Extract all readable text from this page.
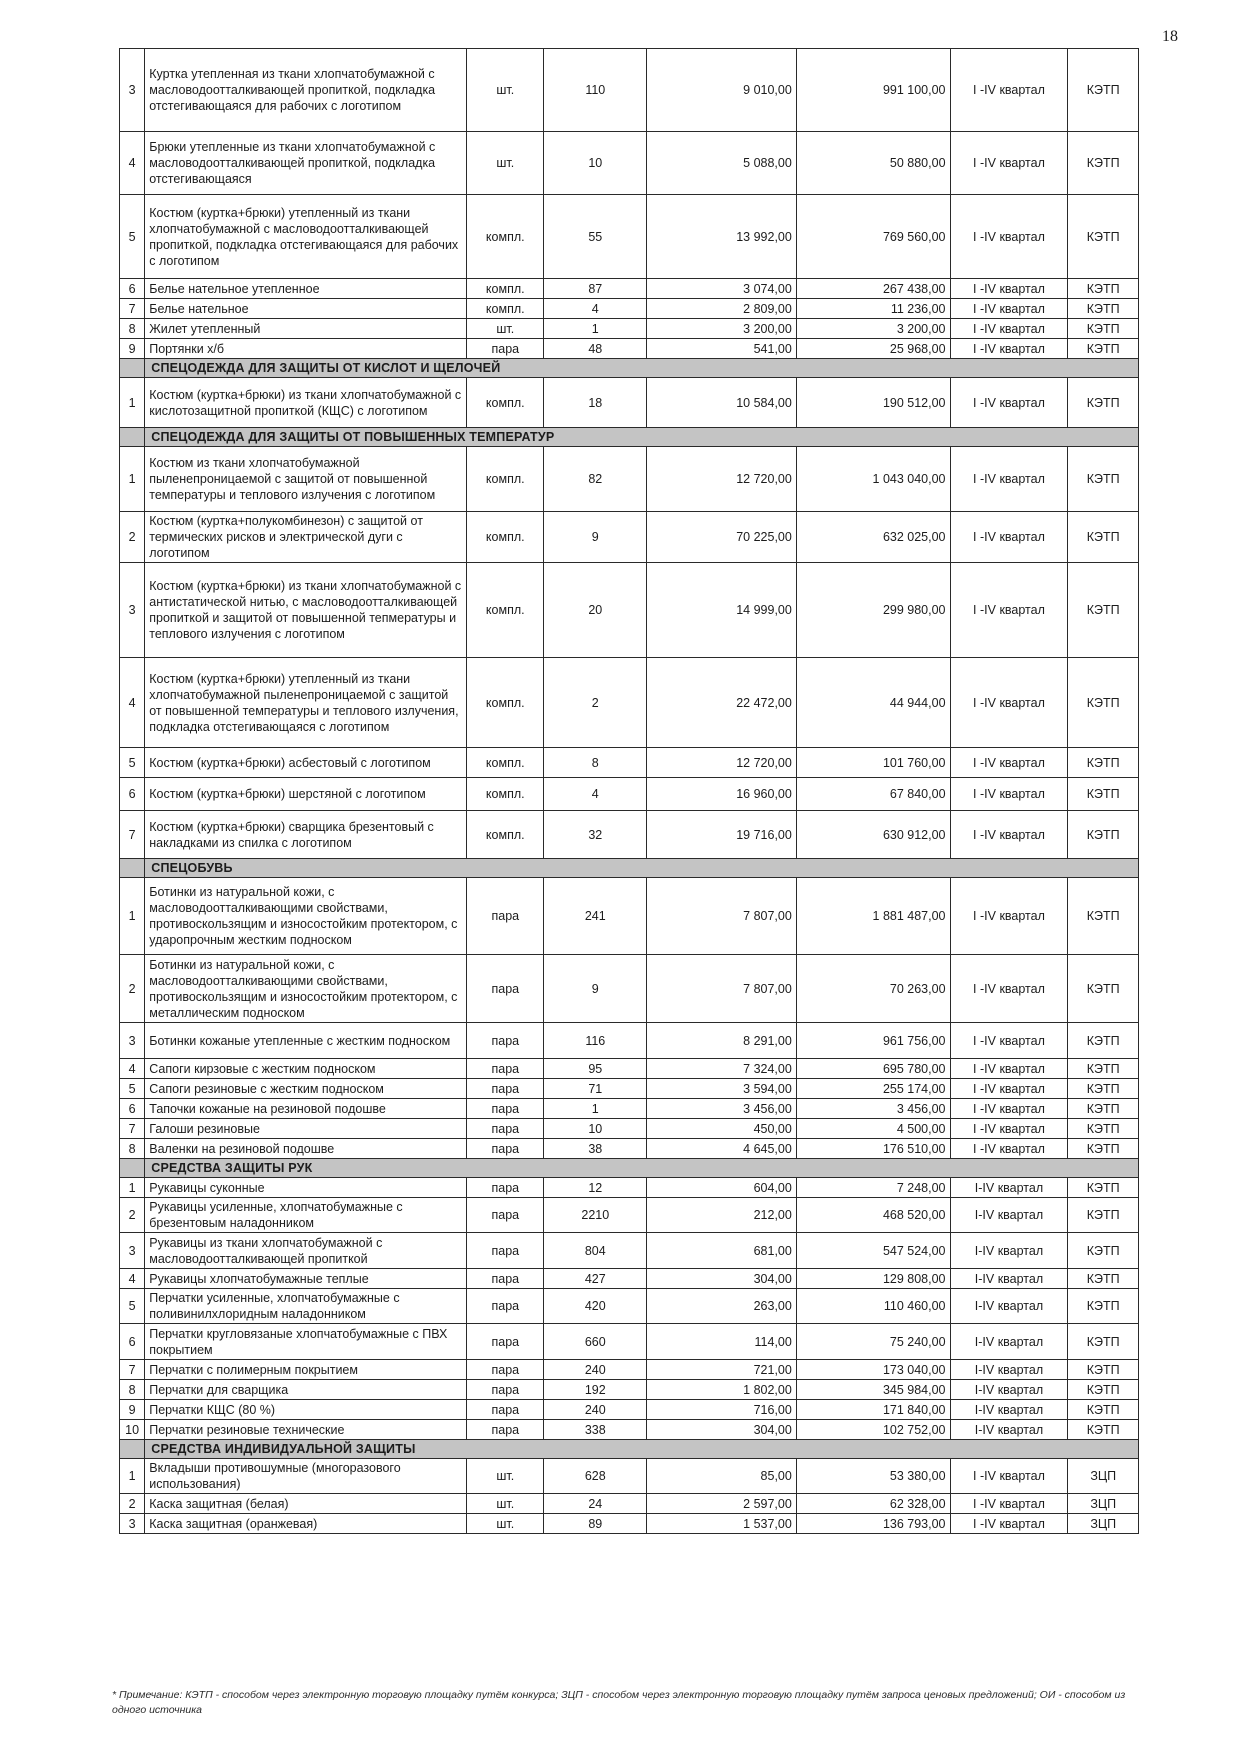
18
3	Куртка утепленная из ткани хлопчатобумажной с масловодоотталкивающей пропиткой, подкладка отстегивающаяся для рабочих с логотипом	шт.	110	9 010,00	991 100,00	I -IV квартал	КЭТП
4	Брюки утепленные из ткани хлопчатобумажной с масловодоотталкивающей пропиткой, подкладка отстегивающаяся	шт.	10	5 088,00	50 880,00	I -IV квартал	КЭТП
5	Костюм (куртка+брюки) утепленный из ткани хлопчатобумажной с масловодоотталкивающей пропиткой, подкладка отстегивающаяся для рабочих с логотипом	компл.	55	13 992,00	769 560,00	I -IV квартал	КЭТП
6	Белье нательное утепленное	компл.	87	3 074,00	267 438,00	I -IV квартал	КЭТП
7	Белье нательное	компл.	4	2 809,00	11 236,00	I -IV квартал	КЭТП
8	Жилет утепленный	шт.	1	3 200,00	3 200,00	I -IV квартал	КЭТП
9	Портянки х/б	пара	48	541,00	25 968,00	I -IV квартал	КЭТП
	СПЕЦОДЕЖДА ДЛЯ ЗАЩИТЫ ОТ КИСЛОТ И ЩЕЛОЧЕЙ						
1	Костюм (куртка+брюки) из ткани хлопчатобумажной с кислотозащитной пропиткой (КЩС) с логотипом	компл.	18	10 584,00	190 512,00	I -IV квартал	КЭТП
	СПЕЦОДЕЖДА ДЛЯ ЗАЩИТЫ ОТ ПОВЫШЕННЫХ ТЕМПЕРАТУР						
1	Костюм из ткани хлопчатобумажной пыленепроницаемой с защитой от повышенной температуры и теплового излучения с логотипом	компл.	82	12 720,00	1 043 040,00	I -IV квартал	КЭТП
2	Костюм (куртка+полукомбинезон) с защитой от термических рисков и электрической дуги с логотипом	компл.	9	70 225,00	632 025,00	I -IV квартал	КЭТП
3	Костюм (куртка+брюки) из ткани хлопчатобумажной с антистатической нитью, с масловодоотталкивающей пропиткой и защитой от повышенной тепмературы и теплового излучения с логотипом	компл.	20	14 999,00	299 980,00	I -IV квартал	КЭТП
4	Костюм (куртка+брюки) утепленный из ткани хлопчатобумажной пыленепроницаемой с защитой от повышенной температуры и теплового излучения, подкладка отстегивающаяся с логотипом	компл.	2	22 472,00	44 944,00	I -IV квартал	КЭТП
5	Костюм (куртка+брюки) асбестовый с логотипом	компл.	8	12 720,00	101 760,00	I -IV квартал	КЭТП
6	Костюм (куртка+брюки) шерстяной с логотипом	компл.	4	16 960,00	67 840,00	I -IV квартал	КЭТП
7	Костюм (куртка+брюки) сварщика брезентовый с накладками из спилка с логотипом	компл.	32	19 716,00	630 912,00	I -IV квартал	КЭТП
	СПЕЦОБУВЬ						
1	Ботинки из натуральной кожи, с масловодоотталкивающими свойствами, противоскользящим и износостойким протектором, с ударопрочным жестким подноском	пара	241	7 807,00	1 881 487,00	I -IV квартал	КЭТП
2	Ботинки из натуральной кожи, с масловодоотталкивающими свойствами, противоскользящим и износостойким протектором, с металлическим подноском	пара	9	7 807,00	70 263,00	I -IV квартал	КЭТП
3	Ботинки кожаные утепленные с жестким подноском	пара	116	8 291,00	961 756,00	I -IV квартал	КЭТП
4	Сапоги кирзовые с жестким подноском	пара	95	7 324,00	695 780,00	I -IV квартал	КЭТП
5	Сапоги резиновые с жестким подноском	пара	71	3 594,00	255 174,00	I -IV квартал	КЭТП
6	Тапочки кожаные на резиновой подошве	пара	1	3 456,00	3 456,00	I -IV квартал	КЭТП
7	Галоши резиновые	пара	10	450,00	4 500,00	I -IV квартал	КЭТП
8	Валенки на резиновой подошве	пара	38	4 645,00	176 510,00	I -IV квартал	КЭТП
	СРЕДСТВА ЗАЩИТЫ РУК						
1	Рукавицы суконные	пара	12	604,00	7 248,00	I-IV квартал	КЭТП
2	Рукавицы усиленные, хлопчатобумажные с брезентовым наладонником	пара	2210	212,00	468 520,00	I-IV квартал	КЭТП
3	Рукавицы из ткани хлопчатобумажной с масловодоотталкивающей пропиткой	пара	804	681,00	547 524,00	I-IV квартал	КЭТП
4	Рукавицы хлопчатобумажные теплые	пара	427	304,00	129 808,00	I-IV квартал	КЭТП
5	Перчатки усиленные, хлопчатобумажные с поливинилхлоридным наладонником	пара	420	263,00	110 460,00	I-IV квартал	КЭТП
6	Перчатки кругловязаные хлопчатобумажные с ПВХ покрытием	пара	660	114,00	75 240,00	I-IV квартал	КЭТП
7	Перчатки с полимерным покрытием	пара	240	721,00	173 040,00	I-IV квартал	КЭТП
8	Перчатки для сварщика	пара	192	1 802,00	345 984,00	I-IV квартал	КЭТП
9	Перчатки КЩС (80 %)	пара	240	716,00	171 840,00	I-IV квартал	КЭТП
10	Перчатки резиновые технические	пара	338	304,00	102 752,00	I-IV квартал	КЭТП
	СРЕДСТВА ИНДИВИДУАЛЬНОЙ ЗАЩИТЫ						
1	Вкладыши противошумные (многоразового использования)	шт.	628	85,00	53 380,00	I -IV квартал	ЗЦП
2	Каска защитная (белая)	шт.	24	2 597,00	62 328,00	I -IV квартал	ЗЦП
3	Каска защитная (оранжевая)	шт.	89	1 537,00	136 793,00	I -IV квартал	ЗЦП
* Примечание: КЭТП - способом через электронную торговую площадку путём конкурса; ЗЦП - способом через электронную торговую площадку путём запроса ценовых предложений; ОИ - способом из одного источника
